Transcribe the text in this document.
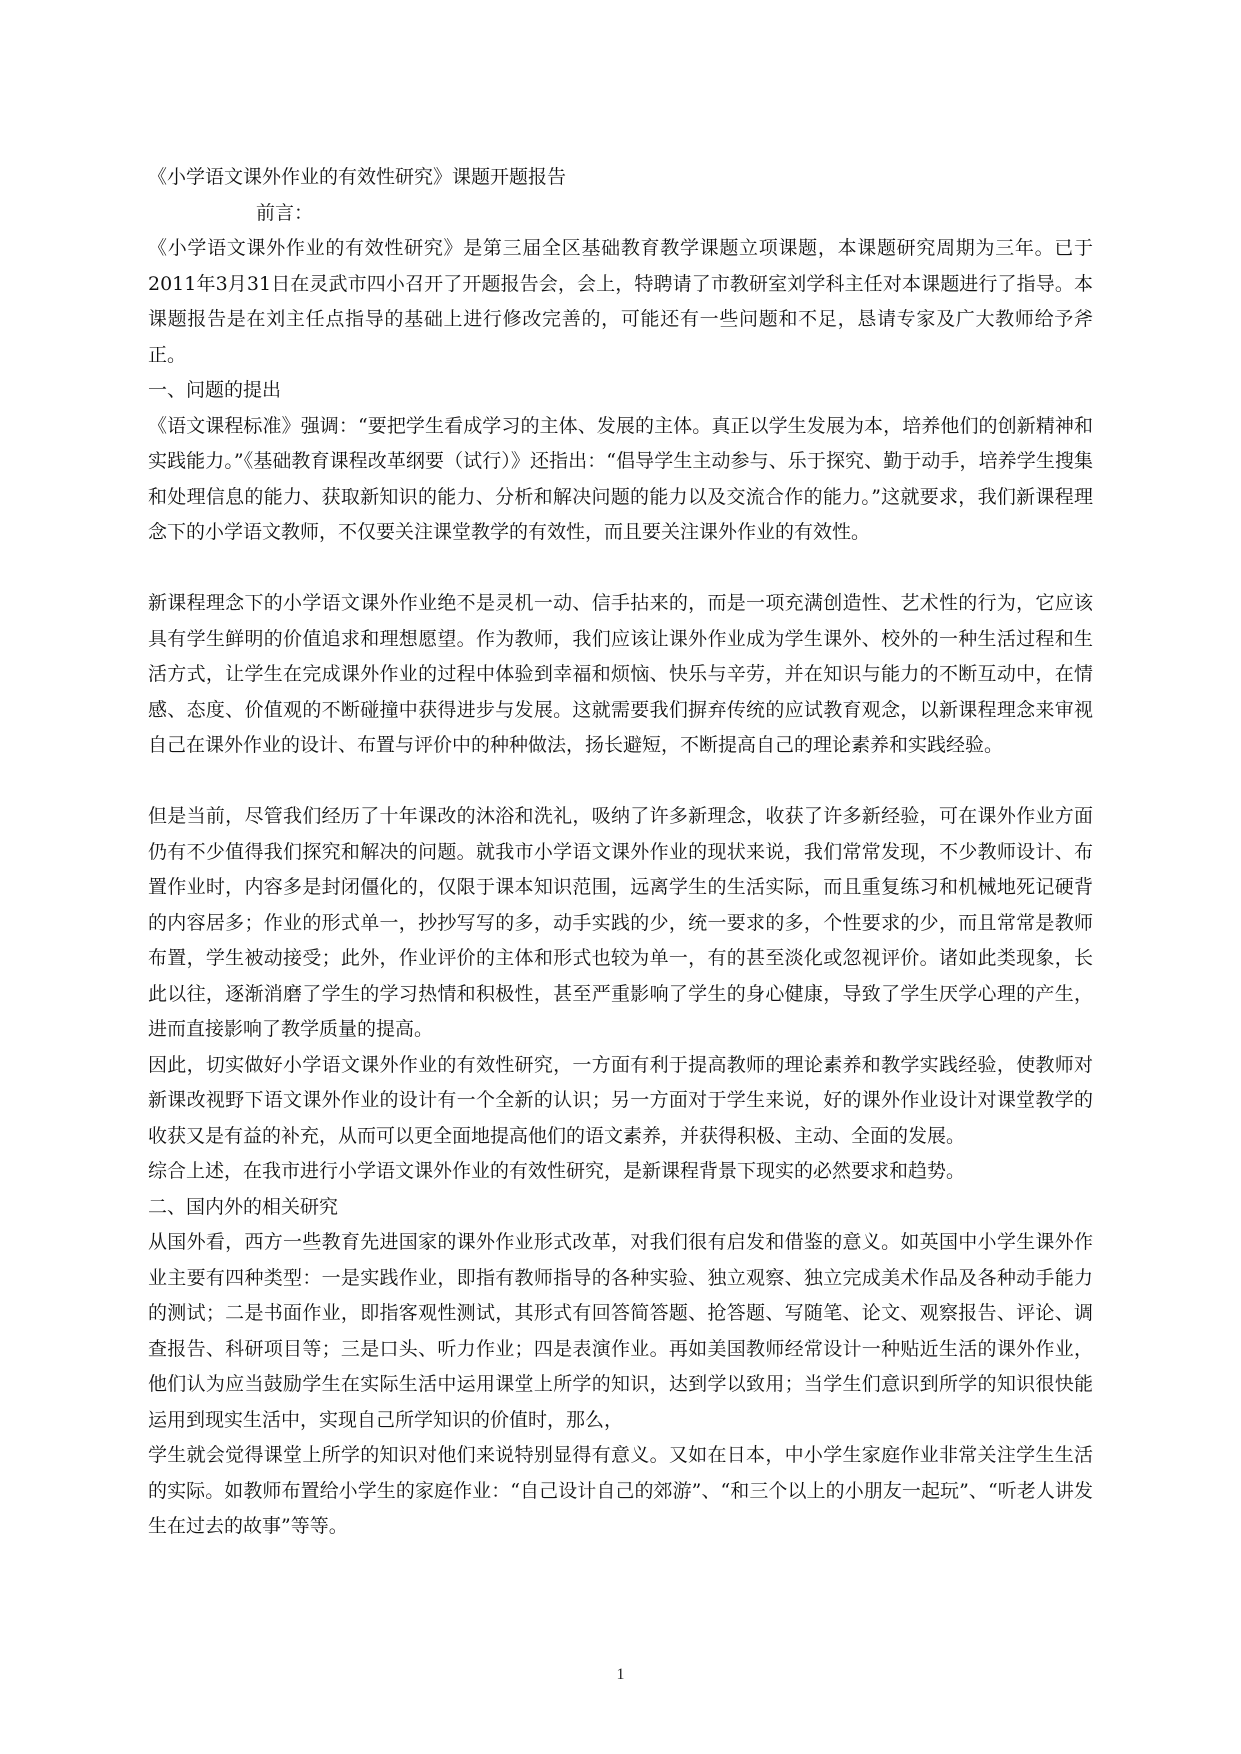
《小学语文课外作业的有效性研究》课题开题报告

前言：

《小学语文课外作业的有效性研究》是第三届全区基础教育教学课题立项课题，本课题研究周期为三年。已于2011年3月31日在灵武市四小召开了开题报告会，会上，特聘请了市教研室刘学科主任对本课题进行了指导。本课题报告是在刘主任点指导的基础上进行修改完善的，可能还有一些问题和不足，恳请专家及广大教师给予斧正。

一、问题的提出

《语文课程标准》强调：“要把学生看成学习的主体、发展的主体。真正以学生发展为本，培养他们的创新精神和实践能力。”《基础教育课程改革纲要（试行）》还指出：“倡导学生主动参与、乐于探究、勤于动手，培养学生搜集和处理信息的能力、获取新知识的能力、分析和解决问题的能力以及交流合作的能力。”这就要求，我们新课程理念下的小学语文教师，不仅要关注课堂教学的有效性，而且要关注课外作业的有效性。

新课程理念下的小学语文课外作业绝不是灵机一动、信手拈来的，而是一项充满创造性、艺术性的行为，它应该具有学生鲜明的价值追求和理想愿望。作为教师，我们应该让课外作业成为学生课外、校外的一种生活过程和生活方式，让学生在完成课外作业的过程中体验到幸福和烦恼、快乐与辛劳，并在知识与能力的不断互动中，在情感、态度、价值观的不断碰撞中获得进步与发展。这就需要我们摒弃传统的应试教育观念，以新课程理念来审视自己在课外作业的设计、布置与评价中的种种做法，扬长避短，不断提高自己的理论素养和实践经验。

但是当前，尽管我们经历了十年课改的沐浴和洗礼，吸纳了许多新理念，收获了许多新经验，可在课外作业方面仍有不少值得我们探究和解决的问题。就我市小学语文课外作业的现状来说，我们常常发现，不少教师设计、布置作业时，内容多是封闭僵化的，仅限于课本知识范围，远离学生的生活实际，而且重复练习和机械地死记硬背的内容居多；作业的形式单一，抄抄写写的多，动手实践的少，统一要求的多，个性要求的少，而且常常是教师布置，学生被动接受；此外，作业评价的主体和形式也较为单一，有的甚至淡化或忽视评价。诸如此类现象，长此以往，逐渐消磨了学生的学习热情和积极性，甚至严重影响了学生的身心健康，导致了学生厌学心理的产生，进而直接影响了教学质量的提高。

因此，切实做好小学语文课外作业的有效性研究，一方面有利于提高教师的理论素养和教学实践经验，使教师对新课改视野下语文课外作业的设计有一个全新的认识；另一方面对于学生来说，好的课外作业设计对课堂教学的收获又是有益的补充，从而可以更全面地提高他们的语文素养，并获得积极、主动、全面的发展。

综合上述，在我市进行小学语文课外作业的有效性研究，是新课程背景下现实的必然要求和趋势。

二、国内外的相关研究

从国外看，西方一些教育先进国家的课外作业形式改革，对我们很有启发和借鉴的意义。如英国中小学生课外作业主要有四种类型：一是实践作业，即指有教师指导的各种实验、独立观察、独立完成美术作品及各种动手能力的测试；二是书面作业，即指客观性测试，其形式有回答简答题、抢答题、写随笔、论文、观察报告、评论、调查报告、科研项目等；三是口头、听力作业；四是表演作业。再如美国教师经常设计一种贴近生活的课外作业，他们认为应当鼓励学生在实际生活中运用课堂上所学的知识，达到学以致用；当学生们意识到所学的知识很快能运用到现实生活中，实现自己所学知识的价值时，那么，

学生就会觉得课堂上所学的知识对他们来说特别显得有意义。又如在日本，中小学生家庭作业非常关注学生生活的实际。如教师布置给小学生的家庭作业：“自己设计自己的郊游”、“和三个以上的小朋友一起玩”、“听老人讲发生在过去的故事”等等。

1
